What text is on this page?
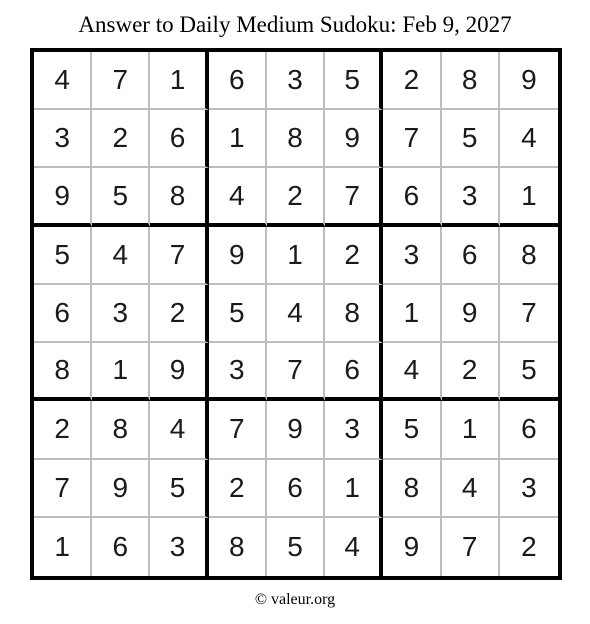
Answer to Daily Medium Sudoku: Feb 9, 2027
4	7	1	6	3	5	2	8	9
3	2	6	1	8	9	7	5	4
9	5	8	4	2	7	6	3	1
5	4	7	9	1	2	3	6	8
6	3	2	5	4	8	1	9	7
8	1	9	3	7	6	4	2	5
2	8	4	7	9	3	5	1	6
7	9	5	2	6	1	8	4	3
1	6	3	8	5	4	9	7	2
© valeur.org
